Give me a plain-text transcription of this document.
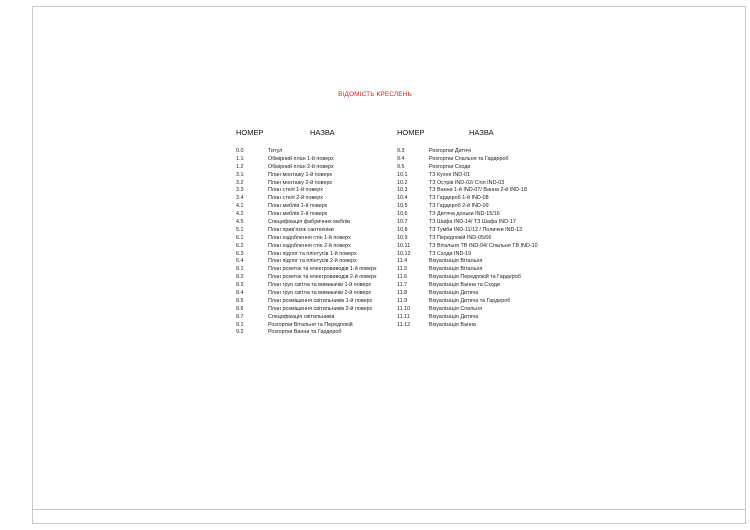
ВІДОМІСТЬ КРЕСЛЕНЬ
НОМЕР	НАЗВА
0.0	Титул
1.1	Обмірний план 1-й поверх
1.2	Обмірний план 2-й поверх
3.1	План монтажу 1-й поверх
3.2	План монтажу 2-й поверх
3.3	План стелі 1-й поверх
3.4	План стелі 2-й поверх
4.1	План меблів 1-й поверх
4.2	План меблів 2-й поверх
4.5	Специфікація фабричних меблів
5.1	План прив'язок сантехніки
6.1	План оздоблення стін 1-й поверх
6.2	План оздоблення стін 2-й поверх
6.3	План підлог та плінтусів 1-й поверх
6.4	План підлог та плінтусів 2-й поверх
8.1	План розеток та електровиводів 1-й поверх
8.2	План розеток та електровиводів 2-й поверх
8.3	План груп світла та вимикачів 1-й поверх
8.4	План груп світла та вимикачів 2-й поверх
8.5	План розміщення світильників 1-й поверх
8.6	План розміщення світильників 2-й поверх
8.7	Специфікація світильників
9.1	Розгортки Вітальня та Передпокій
9.2	Розгортки Ванни та Гардероб
НОМЕР	НАЗВА
9.3	Розгортки Дитячі
9.4	Розгортки Спальня та Гардероб
9.5	Розгортки Сходи
10.1	ТЗ Кухня IND-01
10.2	ТЗ Острів IND-02/ Стіл IND-03
10.3	ТЗ Ванна 1-й IND-07/ Ванна 2-й IND-18
10.4	ТЗ Гардероб 1-й IND-08
10.5	ТЗ Гардероб 2-й IND-09
10.6	ТЗ Дитяча доньки IND-15/16
10.7	ТЗ Шафа IND-14/ ТЗ Шафа IND-17
10.8	ТЗ Тумби IND-11/12 / Полички IND-13
10.9	ТЗ Передпокій IND-05/06
10.11	ТЗ Вітальня ТВ IND-04/ Спальня ТВ IND-10
10.12	ТЗ Сходи IND-19
11.4	Візуалізація Вітальня
11.5	Візуалізація Вітальня
11.6	Візуалізація Передпокій та Гардероб
11.7	Візуалізація Ванна та Сходи
11.8	Візуалізація Дитяча
11.9	Візуалізація Дитяча та Гардероб
11.10	Візуалізація Спальня
11.11	Візуалізація Дитяча
11.12	Візуалізація Ванна
